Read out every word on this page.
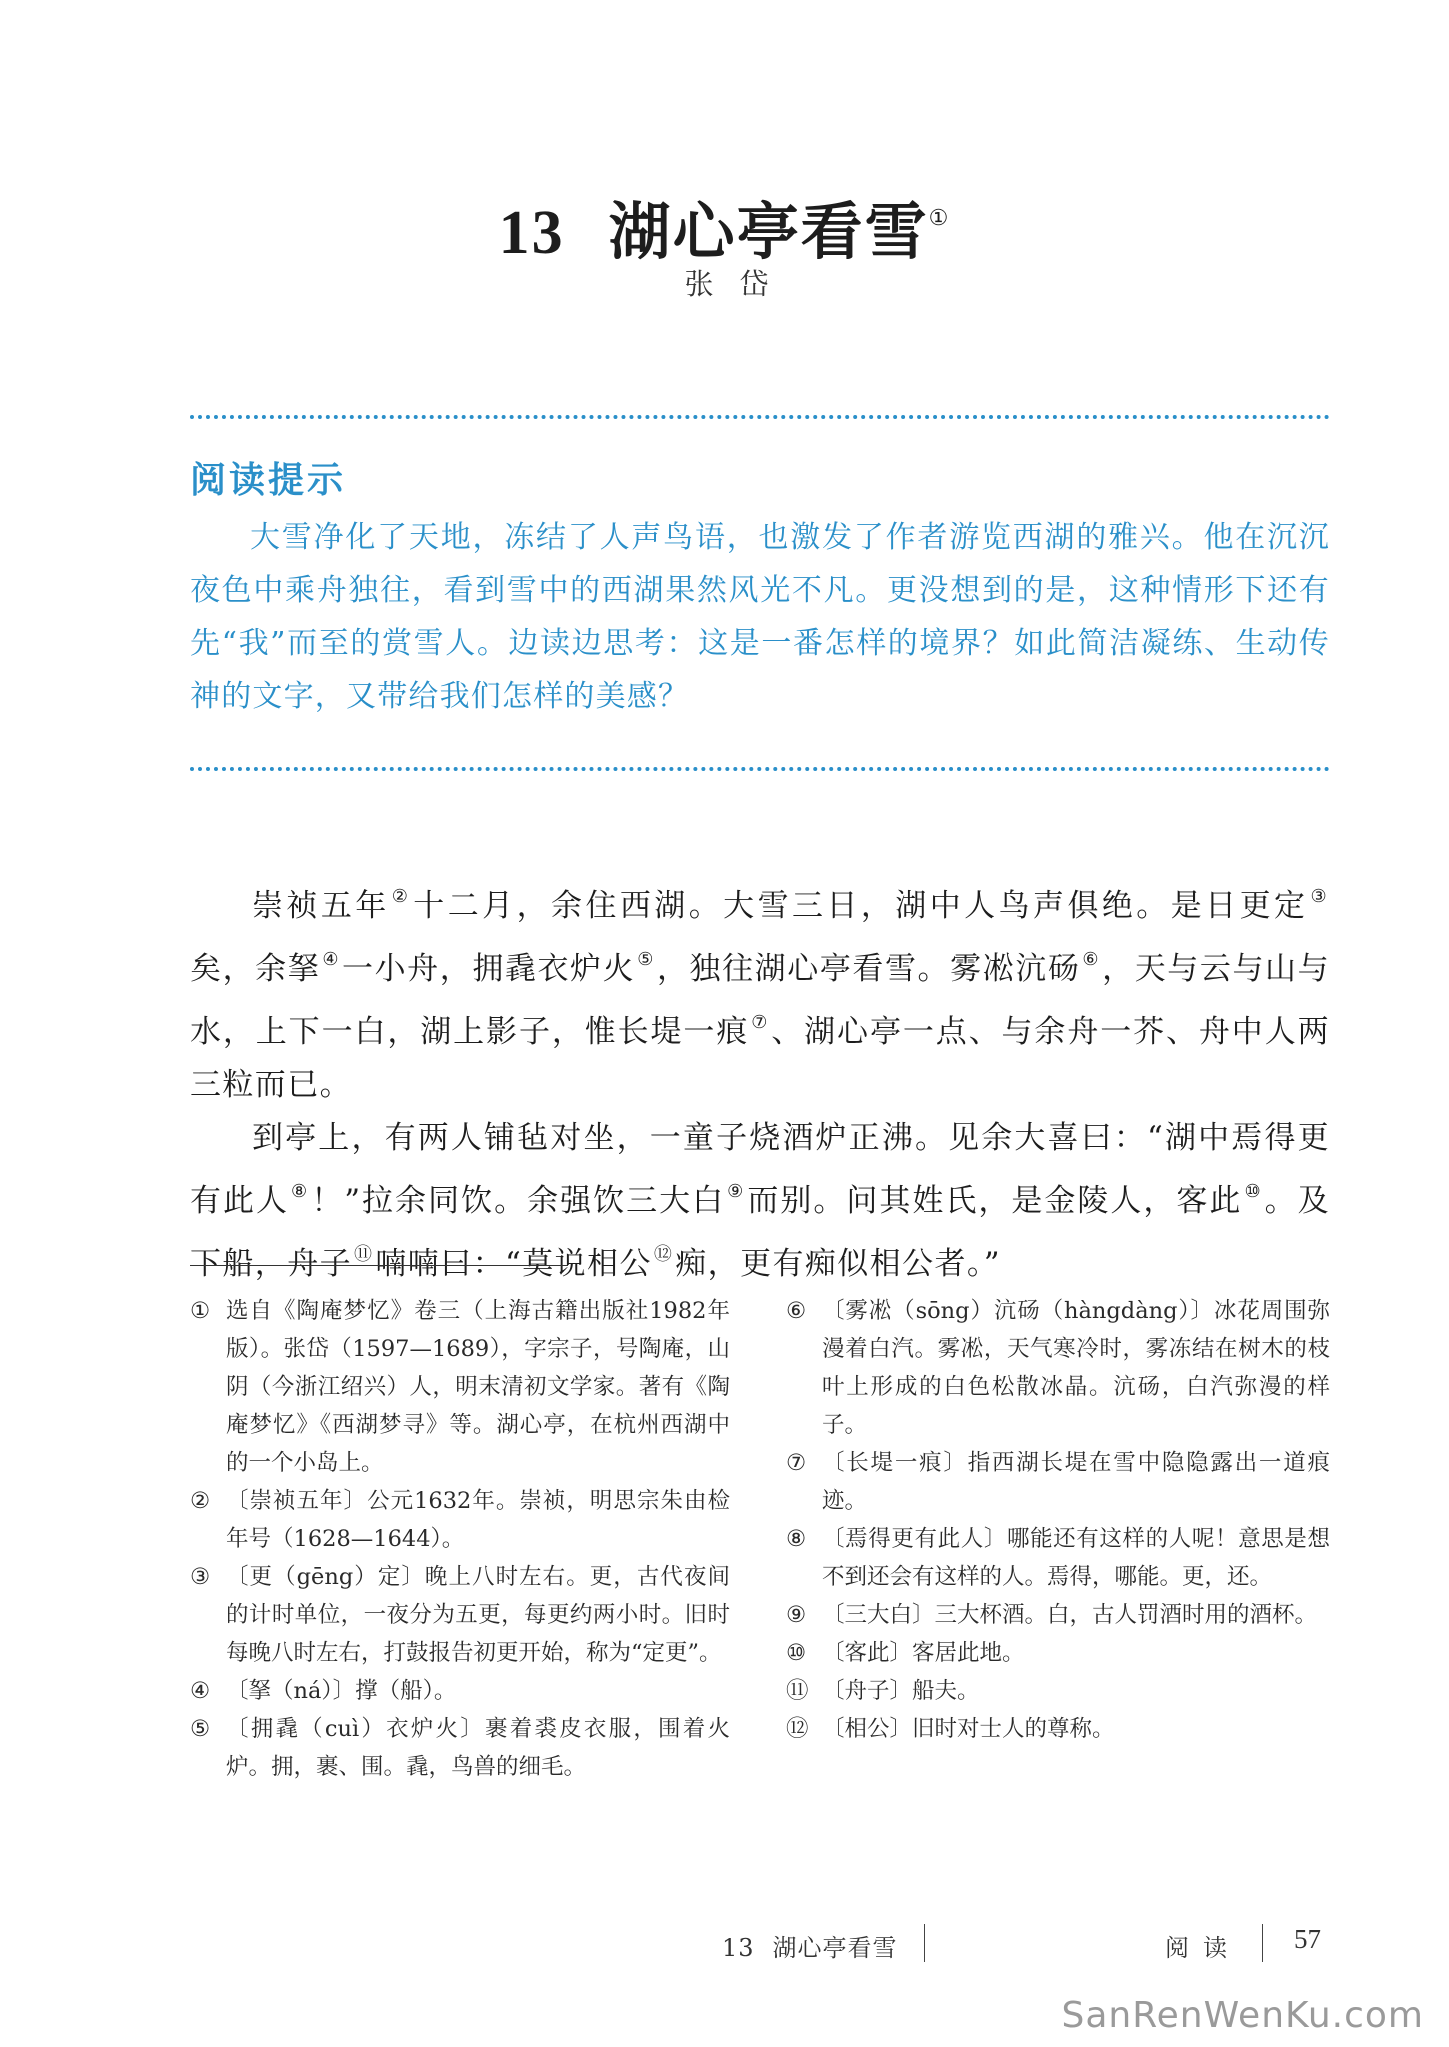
13 湖心亭看雪①
张岱
阅读提示

大雪净化了天地，冻结了人声鸟语，也激发了作者游览西湖的雅兴。他在沉沉夜色中乘舟独往，看到雪中的西湖果然风光不凡。更没想到的是，这种情形下还有先“我”而至的赏雪人。边读边思考：这是一番怎样的境界？如此简洁凝练、生动传神的文字，又带给我们怎样的美感？

崇祯五年 ②十二月，余住西湖。大雪三日，湖中人鸟声俱绝。是日更定 ③矣，余拏 ④一小舟，拥毳衣炉火 ⑤，独往湖心亭看雪。雾凇沆砀 ⑥，天与云与山与水，上下一白，湖上影子，惟长堤一痕 ⑦、湖心亭一点、与余舟一芥、舟中人两三粒而已。

到亭上，有两人铺毡对坐，一童子烧酒炉正沸。见余大喜曰：“湖中焉得更有此人 ⑧！”拉余同饮。余强饮三大白 ⑨而别。问其姓氏，是金陵人，客此 ⑩。及下船，舟子 ⑪喃喃曰：“莫说相公 ⑫痴，更有痴似相公者。”

① 选自《陶庵梦忆》卷三（上海古籍出版社1982年版）。张岱（1597—1689），字宗子，号陶庵，山阴（今浙江绍兴）人，明末清初文学家。著有《陶庵梦忆》《西湖梦寻》等。湖心亭，在杭州西湖中的一个小岛上。

② 〔崇祯五年〕公元1632年。崇祯，明思宗朱由检年号（1628—1644）。

③ 〔更（gēng）定〕晚上八时左右。更，古代夜间的计时单位，一夜分为五更，每更约两小时。旧时每晚八时左右，打鼓报告初更开始，称为“定更”。

④ 〔拏（ná）〕撑（船）。

⑤ 〔拥毳（cuì）衣炉火〕裹着裘皮衣服，围着火炉。拥，裹、围。毳，鸟兽的细毛。

⑥ 〔雾凇（sōng）沆砀（hàngdàng）〕冰花周围弥漫着白汽。雾凇，天气寒冷时，雾冻结在树木的枝叶上形成的白色松散冰晶。沆砀，白汽弥漫的样子。

⑦ 〔长堤一痕〕指西湖长堤在雪中隐隐露出一道痕迹。

⑧ 〔焉得更有此人〕哪能还有这样的人呢！意思是想不到还会有这样的人。焉得，哪能。更，还。

⑨ 〔三大白〕三大杯酒。白，古人罚酒时用的酒杯。

⑩ 〔客此〕客居此地。

⑪ 〔舟子〕船夫。

⑫ 〔相公〕旧时对士人的尊称。

13 湖心亭看雪	阅读 57
SanRenWenKu.com
